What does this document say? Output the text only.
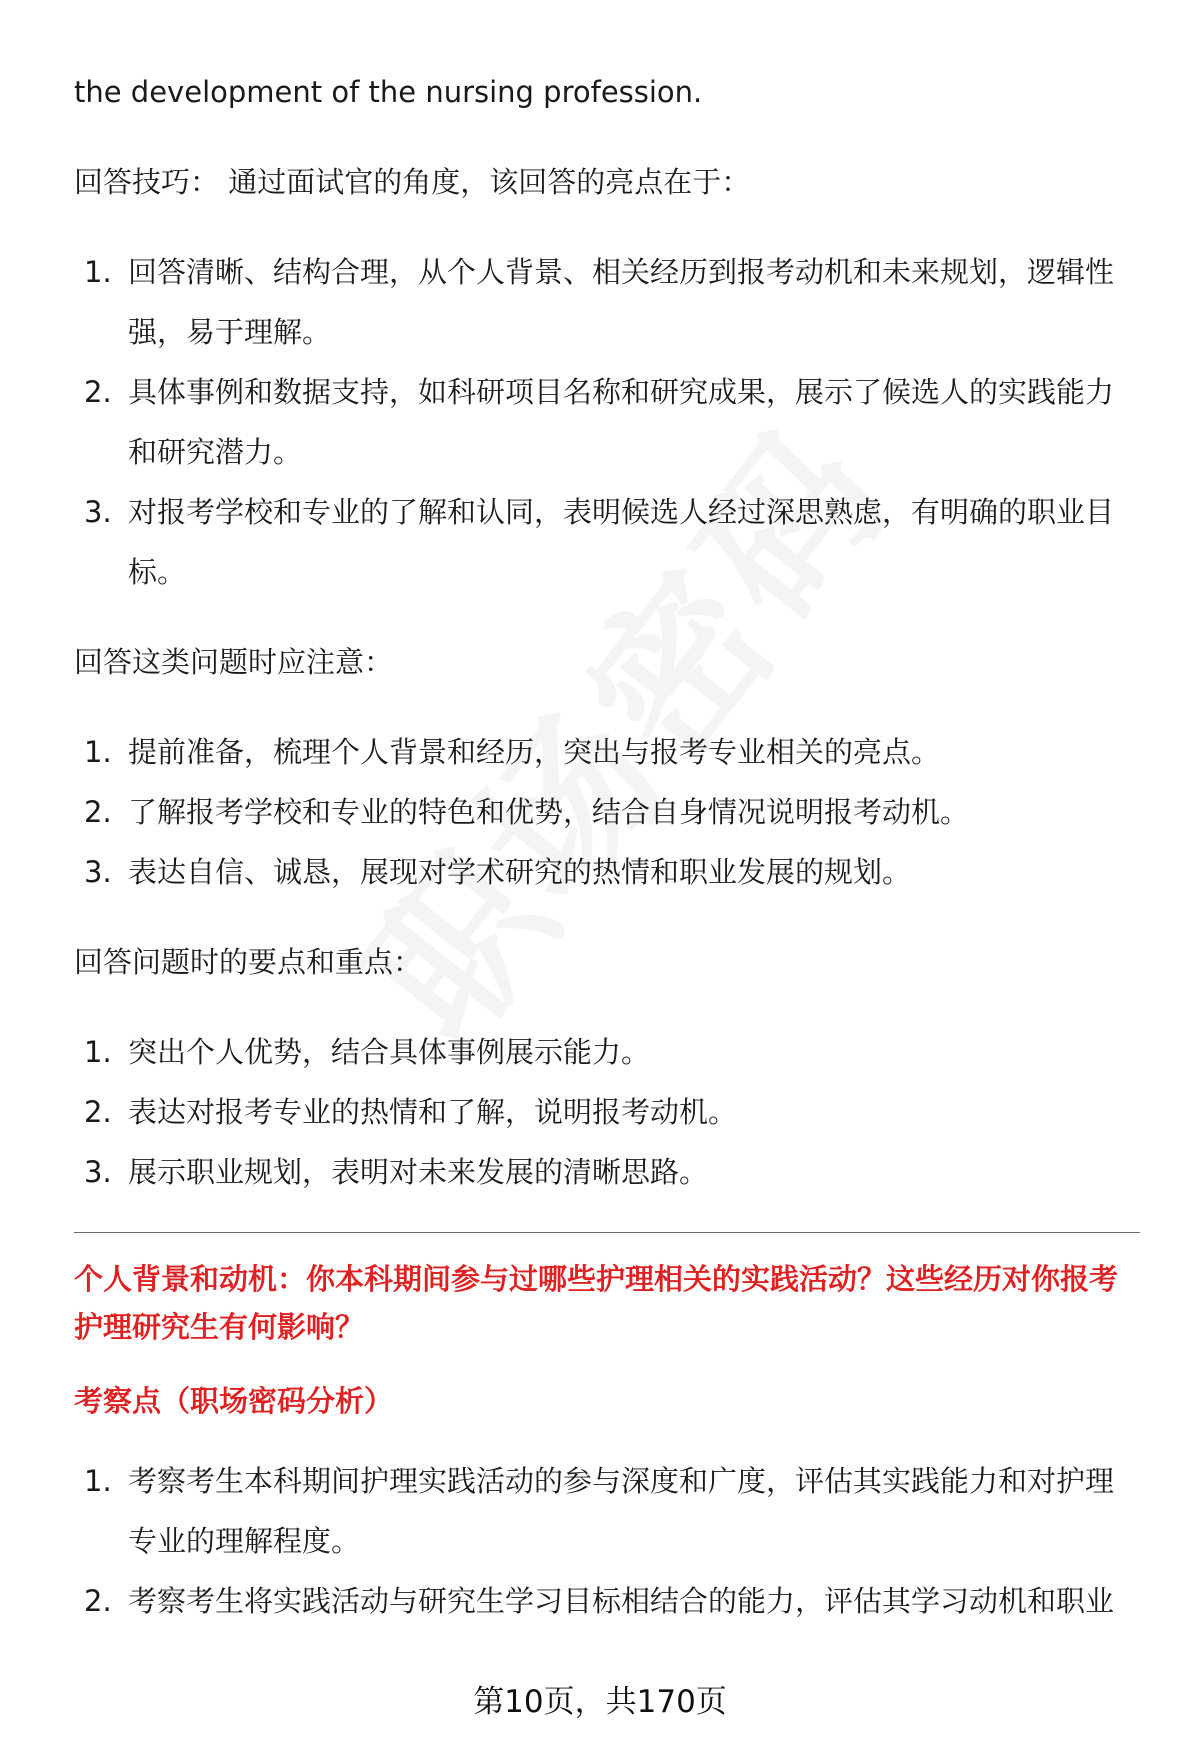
the development of the nursing profession.

回答技巧： 通过面试官的角度，该回答的亮点在于：

1. 回答清晰、结构合理，从个人背景、相关经历到报考动机和未来规划，逻辑性强，易于理解。
2. 具体事例和数据支持，如科研项目名称和研究成果，展示了候选人的实践能力和研究潜力。
3. 对报考学校和专业的了解和认同，表明候选人经过深思熟虑，有明确的职业目标。

回答这类问题时应注意：

1. 提前准备，梳理个人背景和经历，突出与报考专业相关的亮点。
2. 了解报考学校和专业的特色和优势，结合自身情况说明报考动机。
3. 表达自信、诚恳，展现对学术研究的热情和职业发展的规划。

回答问题时的要点和重点：

1. 突出个人优势，结合具体事例展示能力。
2. 表达对报考专业的热情和了解，说明报考动机。
3. 展示职业规划，表明对未来发展的清晰思路。

个人背景和动机：你本科期间参与过哪些护理相关的实践活动？这些经历对你报考护理研究生有何影响？

考察点（职场密码分析）

1. 考察考生本科期间护理实践活动的参与深度和广度，评估其实践能力和对护理专业的理解程度。
2. 考察考生将实践活动与研究生学习目标相结合的能力，评估其学习动机和职业
第10页，共170页
